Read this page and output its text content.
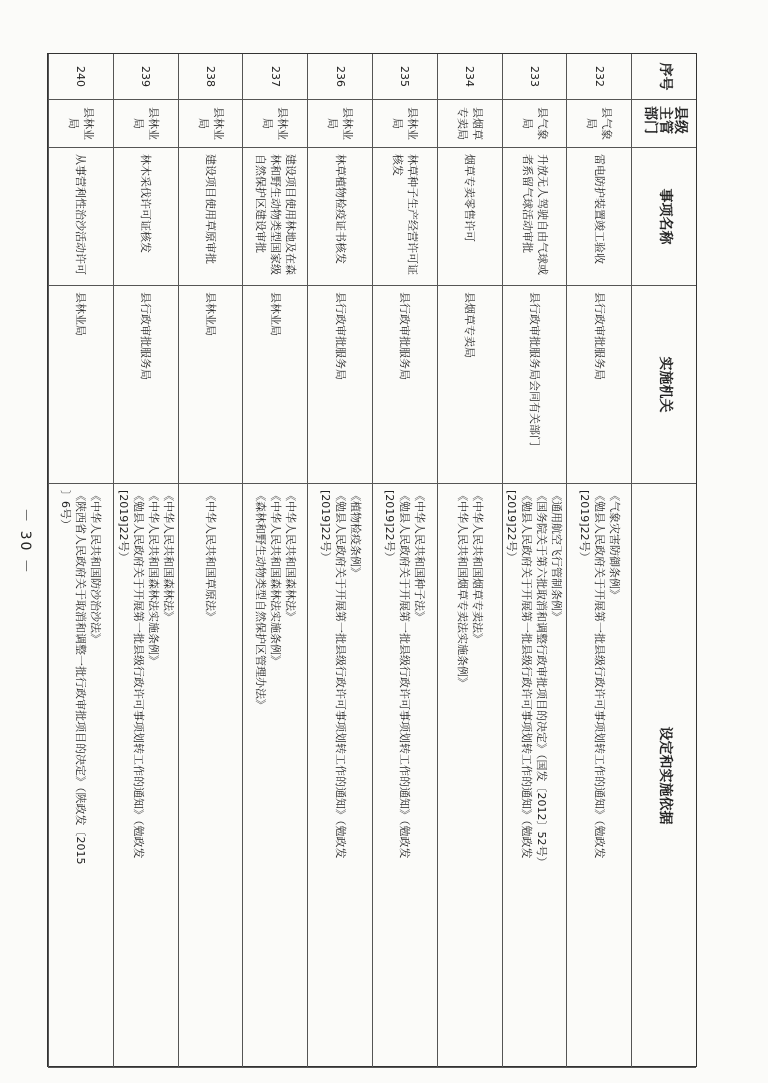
序号
县级主管部门
事项名称
实施机关
设定和实施依据
232
县气象局
雷电防护装置竣工验收
县行政审批服务局
《气象灾害防御条例》
《勉县人民政府关于开展第一批县级行政许可事项划转工作的通知》（勉政发
[2019]22号）
233
县气象局
升放无人驾驶自由气球或者系留气球活动审批
县行政审批服务局会同有关部门
《通用航空飞行管制条例》
《国务院关于第六批取消和调整行政审批项目的决定》（国发〔2012〕52号）
《勉县人民政府关于开展第一批县级行政许可事项划转工作的通知》（勉政发
[2019]22号）
234
县烟草专卖局
烟草专卖零售许可
县烟草专卖局
《中华人民共和国烟草专卖法》
《中华人民共和国烟草专卖法实施条例》
235
县林业局
林草种子生产经营许可证核发
县行政审批服务局
《中华人民共和国种子法》
《勉县人民政府关于开展第一批县级行政许可事项划转工作的通知》（勉政发
[2019]22号）
236
县林业局
林草植物检疫证书核发
县行政审批服务局
《植物检疫条例》
《勉县人民政府关于开展第一批县级行政许可事项划转工作的通知》（勉政发
[2019]22号）
237
县林业局
建设项目使用林地及在森林和野生动物类型国家级自然保护区建设审批
县林业局
《中华人民共和国森林法》
《中华人民共和国森林法实施条例》
《森林和野生动物类型自然保护区管理办法》
238
县林业局
建设项目使用草原审批
县林业局
《中华人民共和国草原法》
239
县林业局
林木采伐许可证核发
县行政审批服务局
《中华人民共和国森林法》
《中华人民共和国森林法实施条例》
《勉县人民政府关于开展第一批县级行政许可事项划转工作的通知》（勉政发
[2019]22号）
240
县林业局
从事营利性治沙活动许可
县林业局
《中华人民共和国防沙治沙法》
《陕西省人民政府关于取消和调整一批行政审批项目的决定》（陕政发〔2015
〕6号）
－ 30 －
